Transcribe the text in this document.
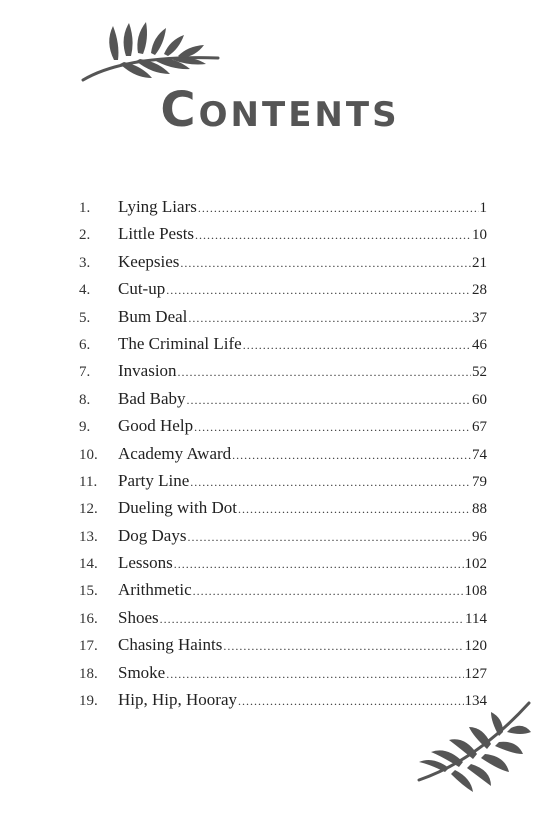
Contents
1.	Lying Liars .....	1
2.	Little Pests .....	10
3.	Keepsies .....	21
4.	Cut-up .....	28
5.	Bum Deal .....	37
6.	The Criminal Life .....	46
7.	Invasion .....	52
8.	Bad Baby .....	60
9.	Good Help .....	67
10.	Academy Award .....	74
11.	Party Line .....	79
12.	Dueling with Dot .....	88
13.	Dog Days .....	96
14.	Lessons .....	102
15.	Arithmetic .....	108
16.	Shoes .....	114
17.	Chasing Haints .....	120
18.	Smoke .....	127
19.	Hip, Hip, Hooray .....	134
